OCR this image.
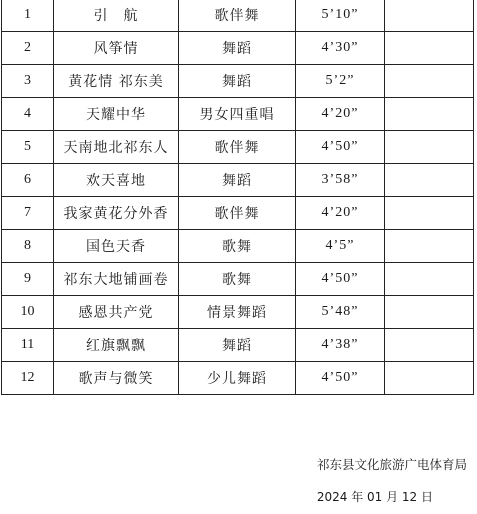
1	引　航	歌伴舞	5’10”	
2	风筝情	舞蹈	4’30”	
3	黄花情 祁东美	舞蹈	5’2”	
4	天耀中华	男女四重唱	4’20”	
5	天南地北祁东人	歌伴舞	4’50”	
6	欢天喜地	舞蹈	3’58”	
7	我家黄花分外香	歌伴舞	4’20”	
8	国色天香	歌舞	4’5”	
9	祁东大地铺画卷	歌舞	4’50”	
10	感恩共产党	情景舞蹈	5’48”	
11	红旗飘飘	舞蹈	4’38”	
12	歌声与微笑	少儿舞蹈	4’50”	
祁东县文化旅游广电体育局
2024 年 01 月 12 日
